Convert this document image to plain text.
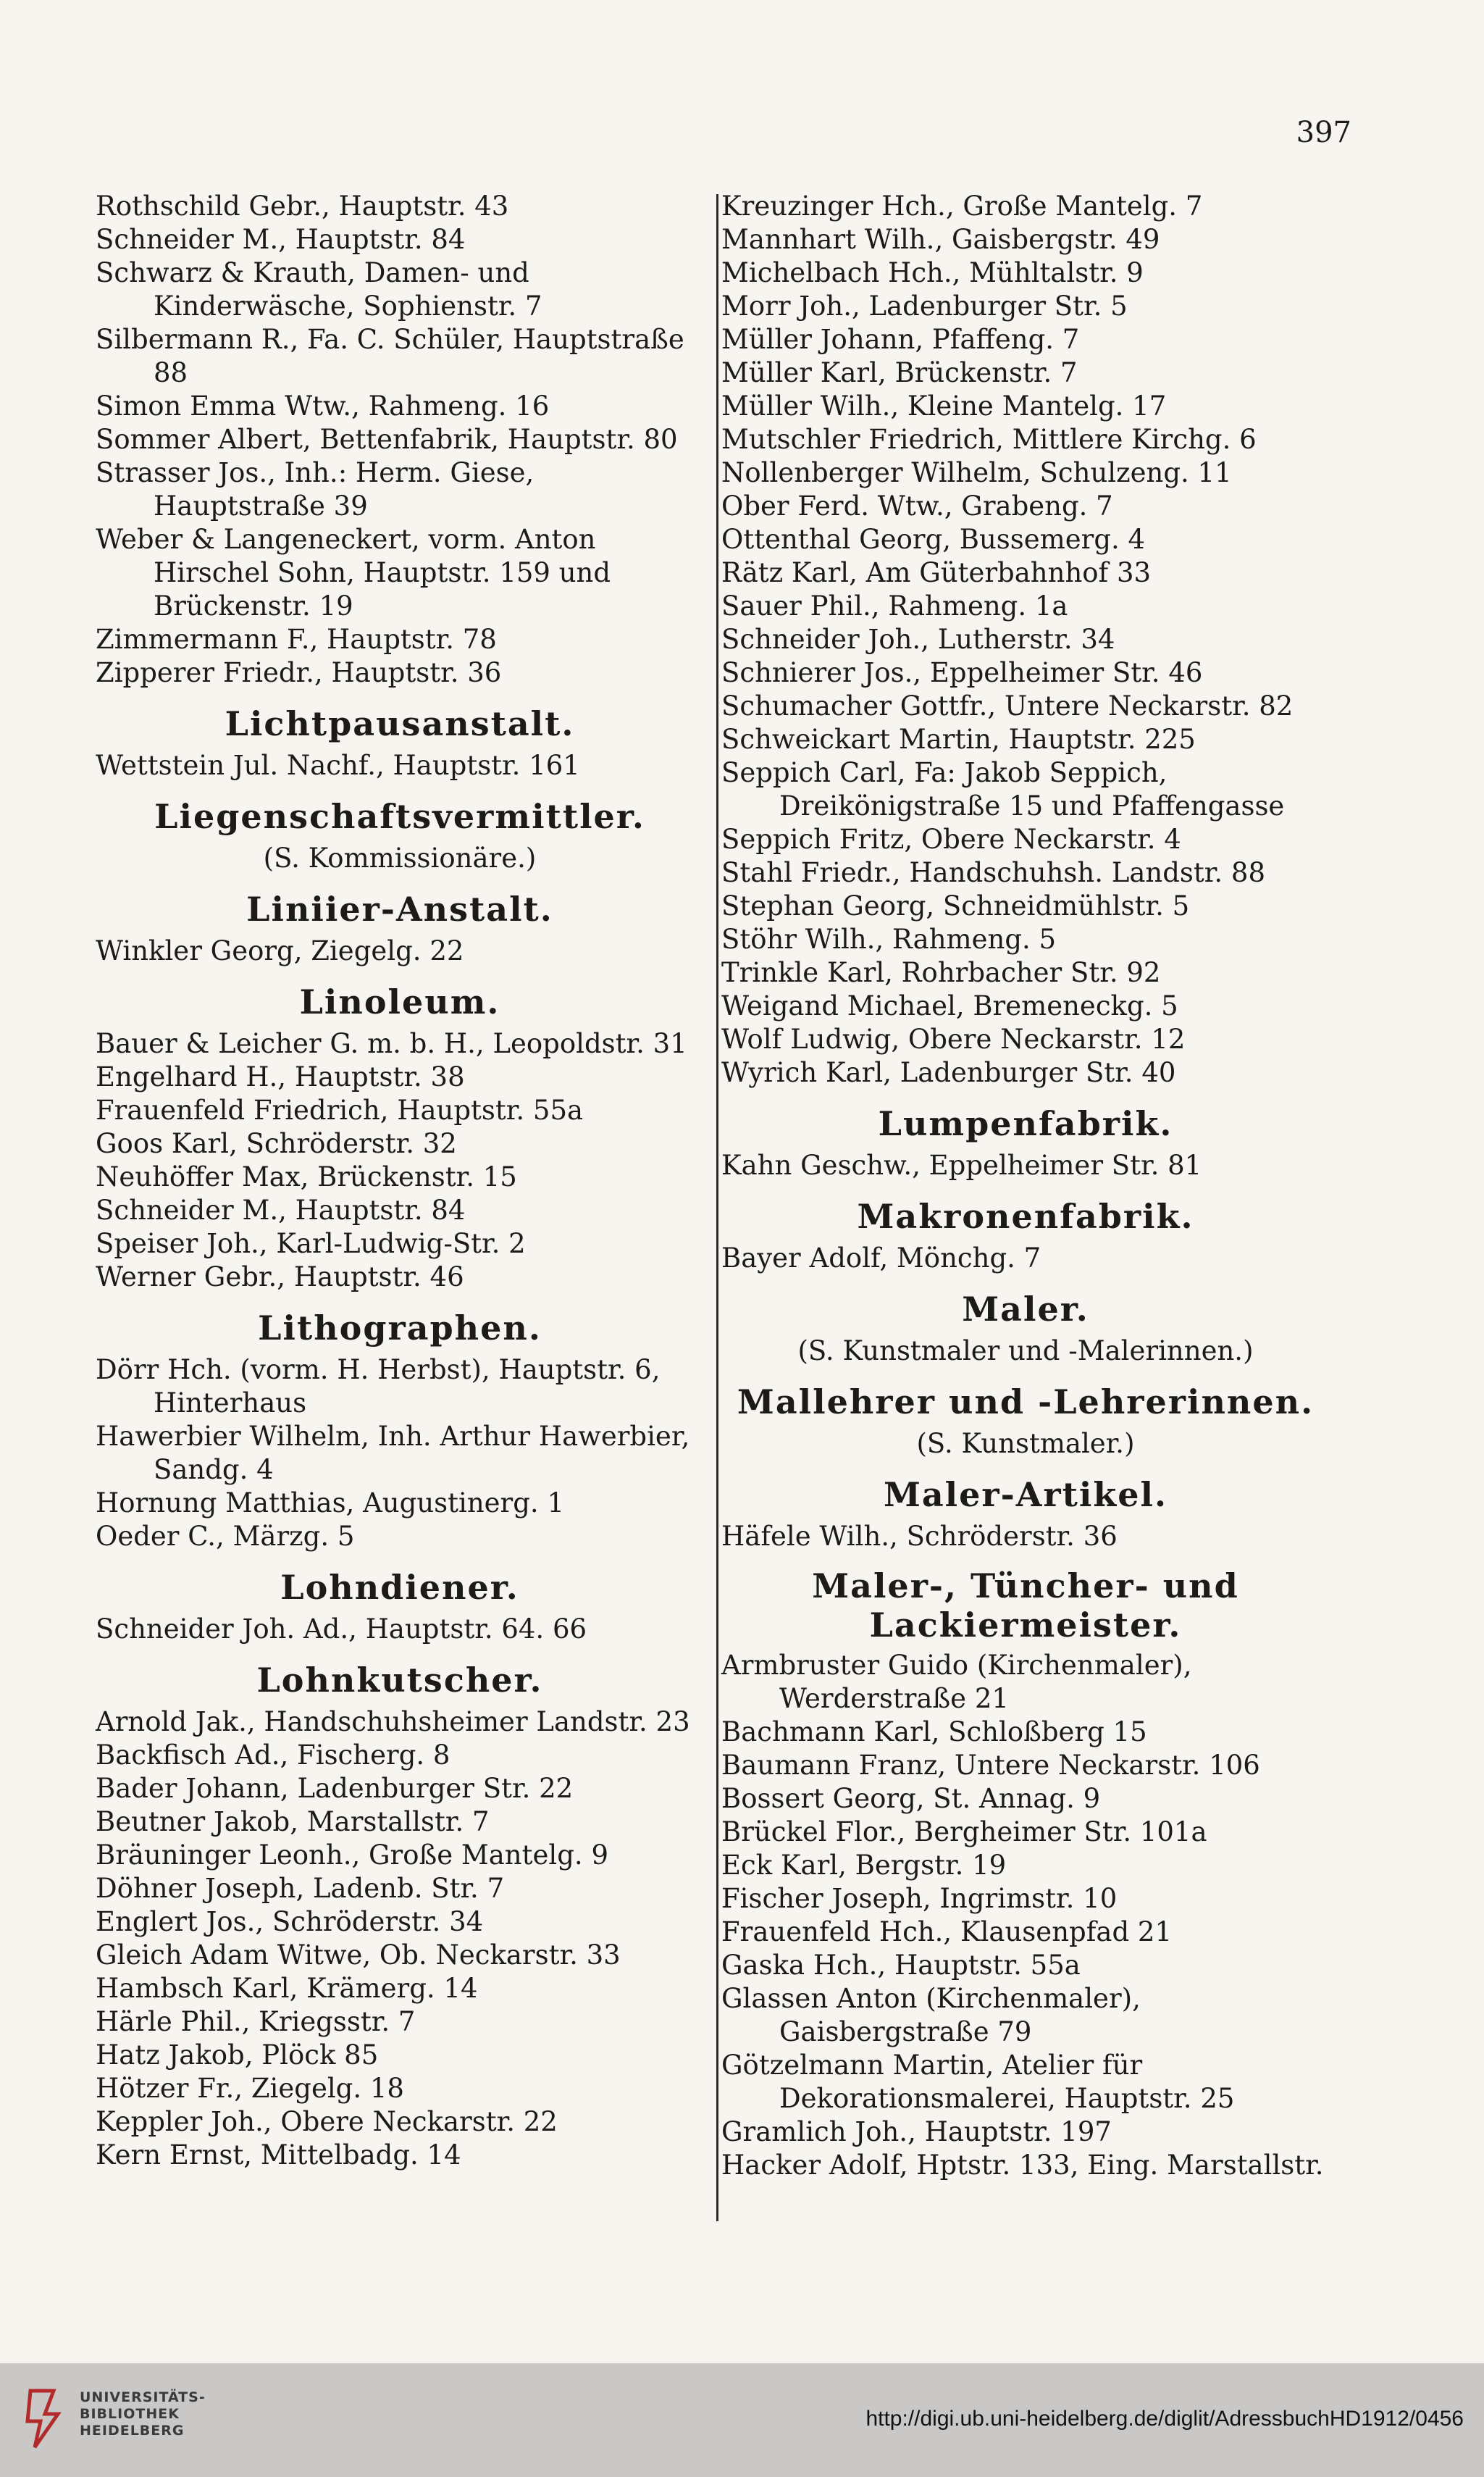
397

Rothschild Gebr., Hauptstr. 43

Schneider M., Hauptstr. 84

Schwarz & Krauth, Damen- und Kinderwäsche, Sophienstr. 7

Silbermann R., Fa. C. Schüler, Hauptstraße 88

Simon Emma Wtw., Rahmeng. 16

Sommer Albert, Bettenfabrik, Hauptstr. 80

Strasser Jos., Inh.: Herm. Giese, Hauptstraße 39

Weber & Langeneckert, vorm. Anton Hirschel Sohn, Hauptstr. 159 und Brückenstr. 19

Zimmermann F., Hauptstr. 78

Zipperer Friedr., Hauptstr. 36

Lichtpausanstalt.

Wettstein Jul. Nachf., Hauptstr. 161

Liegenschaftsvermittler.
(S. Kommissionäre.)
Liniier-Anstalt.

Winkler Georg, Ziegelg. 22

Linoleum.

Bauer & Leicher G. m. b. H., Leopoldstr. 31

Engelhard H., Hauptstr. 38

Frauenfeld Friedrich, Hauptstr. 55a

Goos Karl, Schröderstr. 32

Neuhöffer Max, Brückenstr. 15

Schneider M., Hauptstr. 84

Speiser Joh., Karl-Ludwig-Str. 2

Werner Gebr., Hauptstr. 46

Lithographen.

Dörr Hch. (vorm. H. Herbst), Hauptstr. 6, Hinterhaus

Hawerbier Wilhelm, Inh. Arthur Hawerbier, Sandg. 4

Hornung Matthias, Augustinerg. 1

Oeder C., Märzg. 5

Lohndiener.

Schneider Joh. Ad., Hauptstr. 64. 66

Lohnkutscher.

Arnold Jak., Handschuhsheimer Landstr. 23

Backfisch Ad., Fischerg. 8

Bader Johann, Ladenburger Str. 22

Beutner Jakob, Marstallstr. 7

Bräuninger Leonh., Große Mantelg. 9

Döhner Joseph, Ladenb. Str. 7

Englert Jos., Schröderstr. 34

Gleich Adam Witwe, Ob. Neckarstr. 33

Hambsch Karl, Krämerg. 14

Härle Phil., Kriegsstr. 7

Hatz Jakob, Plöck 85

Hötzer Fr., Ziegelg. 18

Keppler Joh., Obere Neckarstr. 22

Kern Ernst, Mittelbadg. 14

Kreuzinger Hch., Große Mantelg. 7

Mannhart Wilh., Gaisbergstr. 49

Michelbach Hch., Mühltalstr. 9

Morr Joh., Ladenburger Str. 5

Müller Johann, Pfaffeng. 7

Müller Karl, Brückenstr. 7

Müller Wilh., Kleine Mantelg. 17

Mutschler Friedrich, Mittlere Kirchg. 6

Nollenberger Wilhelm, Schulzeng. 11

Ober Ferd. Wtw., Grabeng. 7

Ottenthal Georg, Bussemerg. 4

Rätz Karl, Am Güterbahnhof 33

Sauer Phil., Rahmeng. 1a

Schneider Joh., Lutherstr. 34

Schnierer Jos., Eppelheimer Str. 46

Schumacher Gottfr., Untere Neckarstr. 82

Schweickart Martin, Hauptstr. 225

Seppich Carl, Fa: Jakob Seppich, Dreikönigstraße 15 und Pfaffengasse

Seppich Fritz, Obere Neckarstr. 4

Stahl Friedr., Handschuhsh. Landstr. 88

Stephan Georg, Schneidmühlstr. 5

Stöhr Wilh., Rahmeng. 5

Trinkle Karl, Rohrbacher Str. 92

Weigand Michael, Bremeneckg. 5

Wolf Ludwig, Obere Neckarstr. 12

Wyrich Karl, Ladenburger Str. 40

Lumpenfabrik.

Kahn Geschw., Eppelheimer Str. 81

Makronenfabrik.

Bayer Adolf, Mönchg. 7

Maler.
(S. Kunstmaler und -Malerinnen.)
Mallehrer und -Lehrerinnen.
(S. Kunstmaler.)
Maler-Artikel.

Häfele Wilh., Schröderstr. 36

Maler-, Tüncher- und Lackiermeister.

Armbruster Guido (Kirchenmaler), Werderstraße 21

Bachmann Karl, Schloßberg 15

Baumann Franz, Untere Neckarstr. 106

Bossert Georg, St. Annag. 9

Brückel Flor., Bergheimer Str. 101a

Eck Karl, Bergstr. 19

Fischer Joseph, Ingrimstr. 10

Frauenfeld Hch., Klausenpfad 21

Gaska Hch., Hauptstr. 55a

Glassen Anton (Kirchenmaler), Gaisbergstraße 79

Götzelmann Martin, Atelier für Dekorationsmalerei, Hauptstr. 25

Gramlich Joh., Hauptstr. 197

Hacker Adolf, Hptstr. 133, Eing. Marstallstr.

UNIVERSITÄTS-
BIBLIOTHEK
HEIDELBERG	http://digi.ub.uni-heidelberg.de/diglit/AdressbuchHD1912/0456
